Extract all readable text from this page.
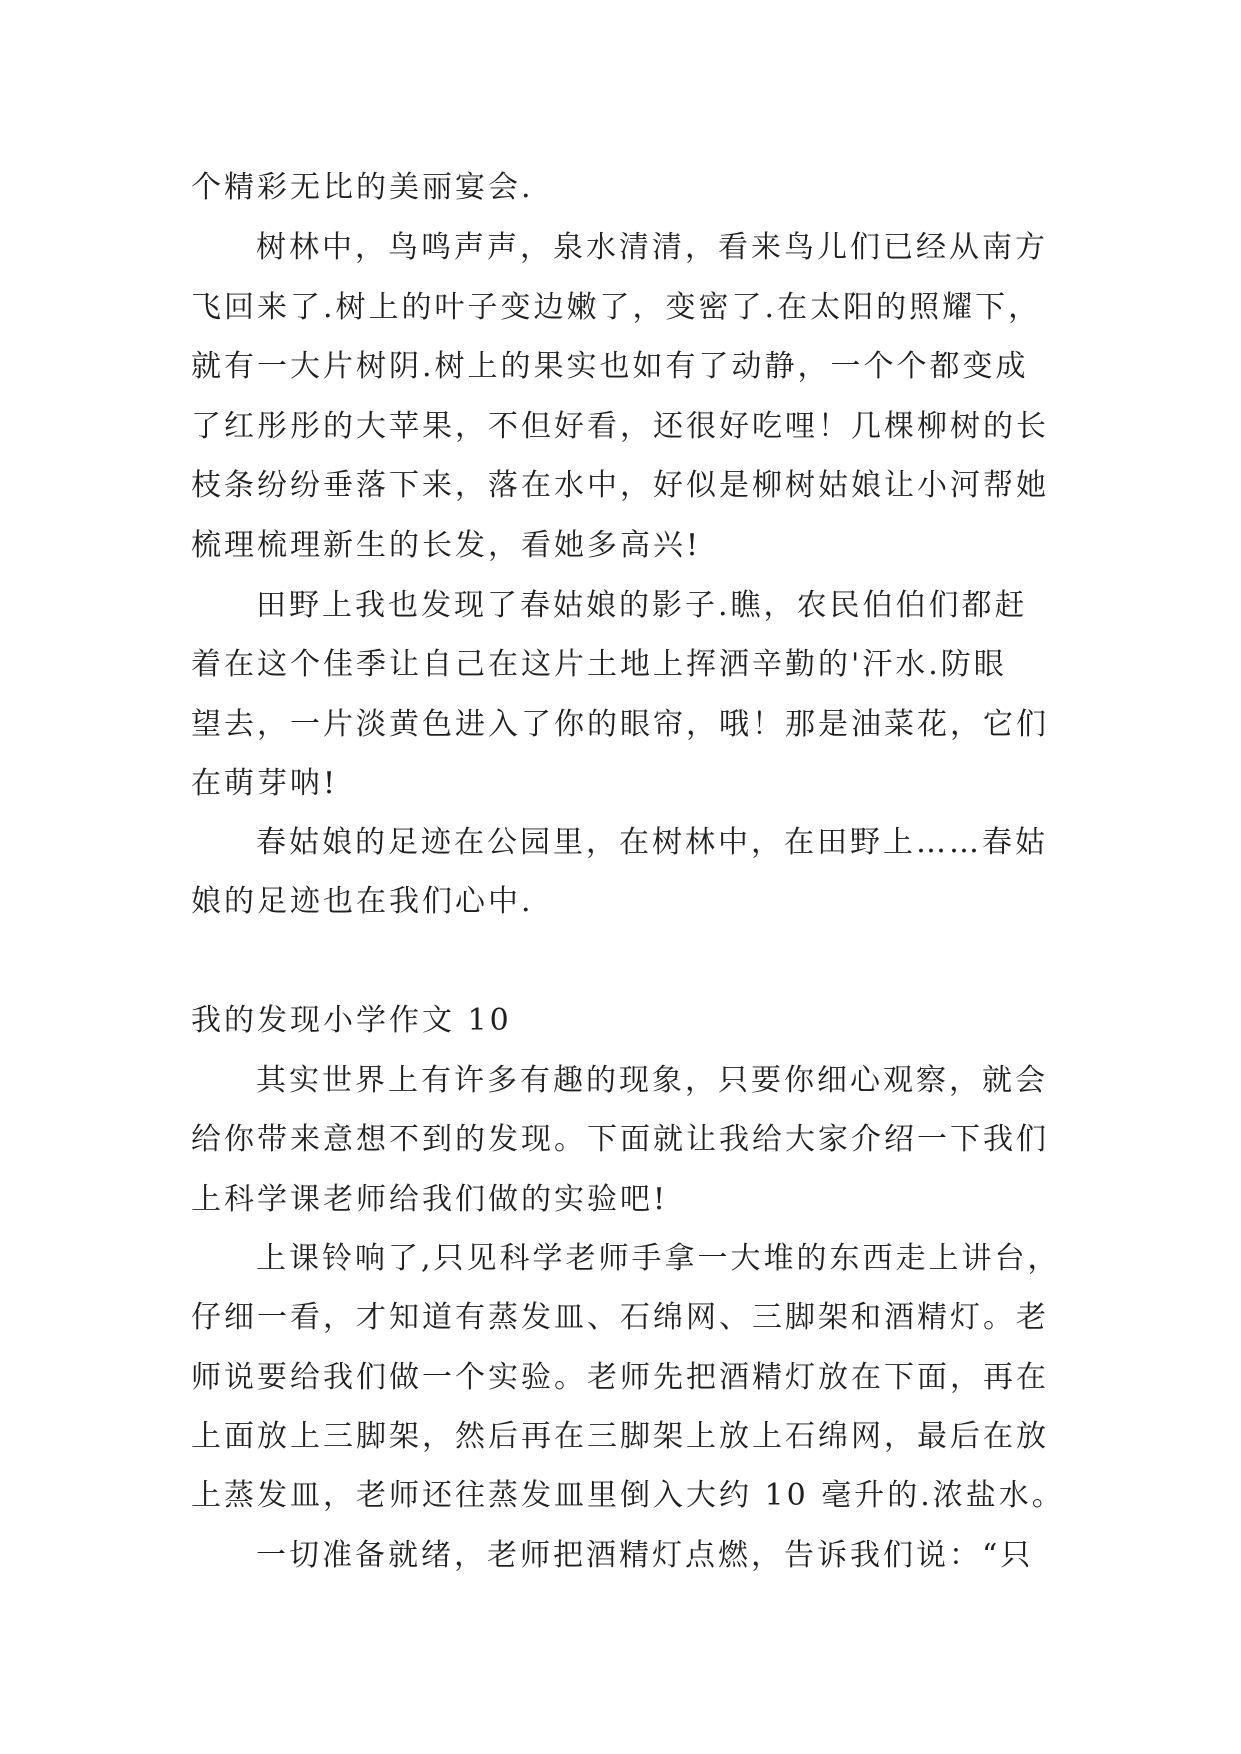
个精彩无比的美丽宴会.
树林中，鸟鸣声声，泉水清清，看来鸟儿们已经从南方
飞回来了.树上的叶子变边嫩了，变密了.在太阳的照耀下，
就有一大片树阴.树上的果实也如有了动静，一个个都变成
了红彤彤的大苹果，不但好看，还很好吃哩！几棵柳树的长
枝条纷纷垂落下来，落在水中，好似是柳树姑娘让小河帮她
梳理梳理新生的长发，看她多高兴!
田野上我也发现了春姑娘的影子.瞧，农民伯伯们都赶
着在这个佳季让自己在这片土地上挥洒辛勤的'汗水.防眼
望去，一片淡黄色进入了你的眼帘，哦！那是油菜花，它们
在萌芽呐!
春姑娘的足迹在公园里，在树林中，在田野上……春姑
娘的足迹也在我们心中.
我的发现小学作文 10
其实世界上有许多有趣的现象，只要你细心观察，就会
给你带来意想不到的发现。下面就让我给大家介绍一下我们
上科学课老师给我们做的实验吧!
上课铃响了,只见科学老师手拿一大堆的东西走上讲台，
仔细一看，才知道有蒸发皿、石绵网、三脚架和酒精灯。老
师说要给我们做一个实验。老师先把酒精灯放在下面，再在
上面放上三脚架，然后再在三脚架上放上石绵网，最后在放
上蒸发皿，老师还往蒸发皿里倒入大约 10 毫升的.浓盐水。
一切准备就绪，老师把酒精灯点燃，告诉我们说：“只
